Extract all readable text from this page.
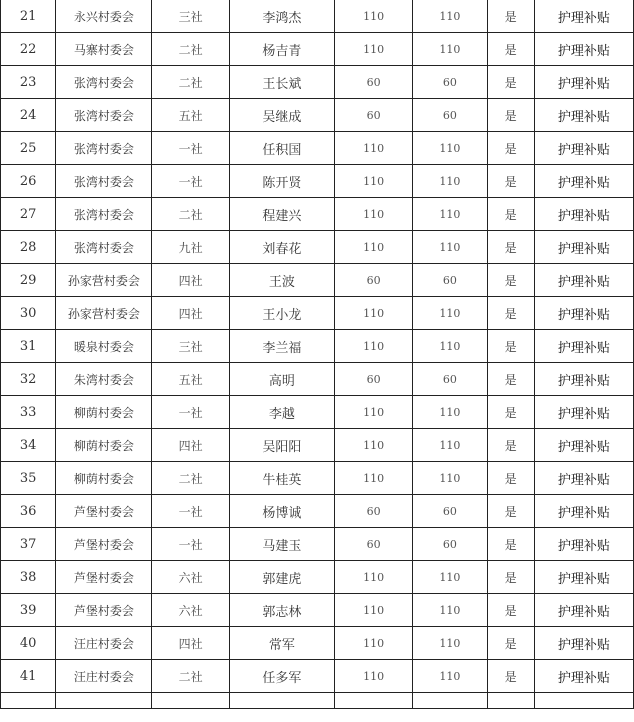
21	永兴村委会	三社	李鸿杰	110	110	是	护理补贴
22	马寨村委会	二社	杨吉青	110	110	是	护理补贴
23	张湾村委会	二社	王长斌	60	60	是	护理补贴
24	张湾村委会	五社	吴继成	60	60	是	护理补贴
25	张湾村委会	一社	任积国	110	110	是	护理补贴
26	张湾村委会	一社	陈开贤	110	110	是	护理补贴
27	张湾村委会	二社	程建兴	110	110	是	护理补贴
28	张湾村委会	九社	刘春花	110	110	是	护理补贴
29	孙家营村委会	四社	王波	60	60	是	护理补贴
30	孙家营村委会	四社	王小龙	110	110	是	护理补贴
31	暖泉村委会	三社	李兰福	110	110	是	护理补贴
32	朱湾村委会	五社	高明	60	60	是	护理补贴
33	柳荫村委会	一社	李越	110	110	是	护理补贴
34	柳荫村委会	四社	吴阳阳	110	110	是	护理补贴
35	柳荫村委会	二社	牛桂英	110	110	是	护理补贴
36	芦堡村委会	一社	杨博诚	60	60	是	护理补贴
37	芦堡村委会	一社	马建玉	60	60	是	护理补贴
38	芦堡村委会	六社	郭建虎	110	110	是	护理补贴
39	芦堡村委会	六社	郭志林	110	110	是	护理补贴
40	汪庄村委会	四社	常军	110	110	是	护理补贴
41	汪庄村委会	二社	任多军	110	110	是	护理补贴
